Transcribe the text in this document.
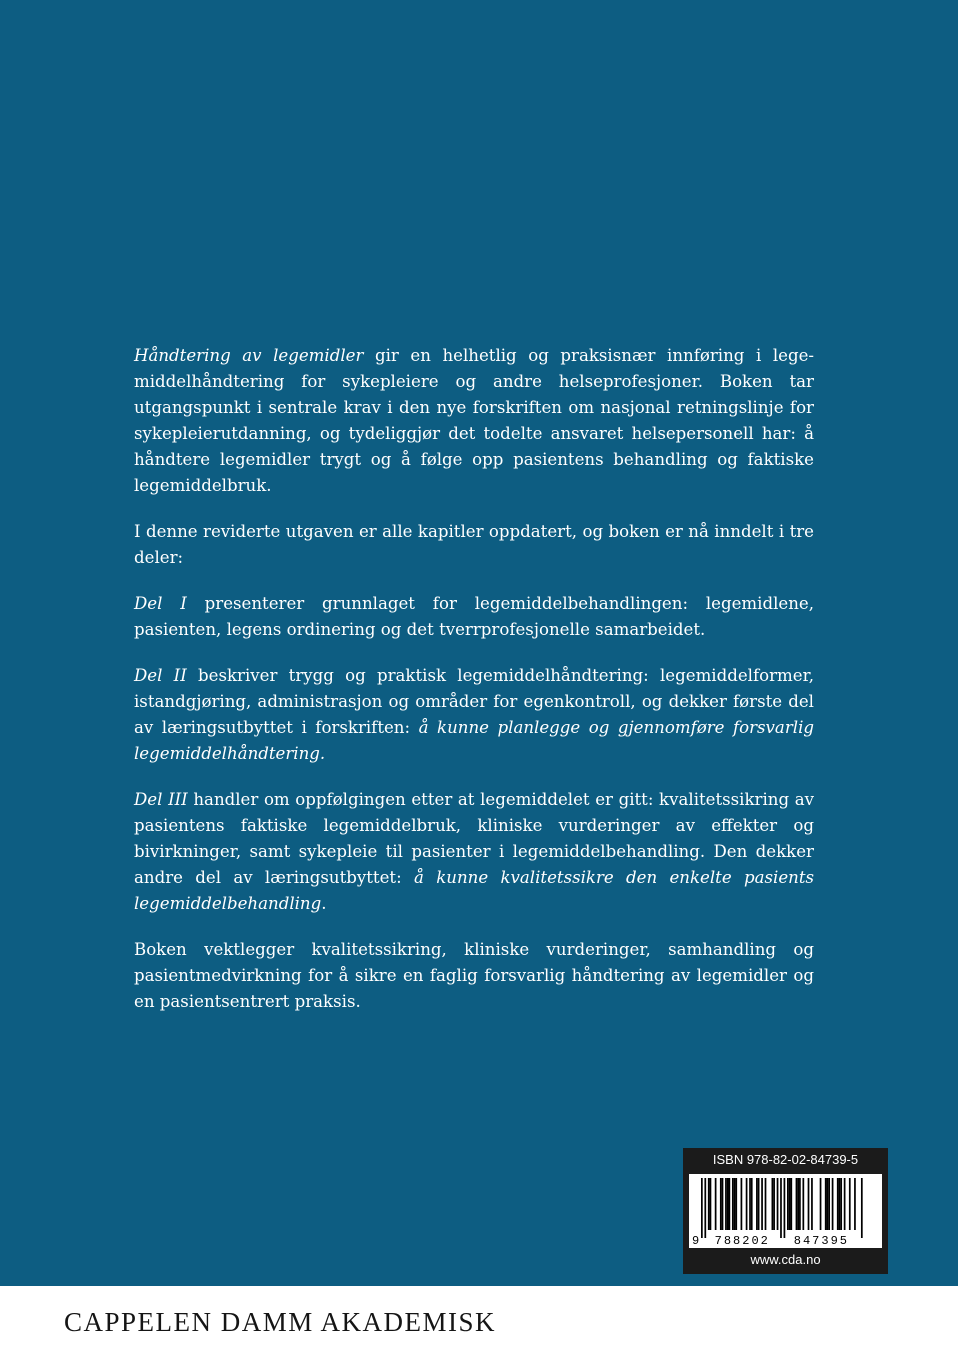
Håndtering av legemidler gir en helhetlig og praksisnær innføring i legemiddelhåndtering for sykepleiere og andre helseprofesjoner. Boken tar utgangspunkt i sentrale krav i den nye forskriften om nasjonal retningslinje for sykepleierutdanning, og tydeliggjør det todelte ansvaret helsepersonell har: å håndtere legemidler trygt og å følge opp pasientens behandling og faktiske legemiddelbruk.

I denne reviderte utgaven er alle kapitler oppdatert, og boken er nå inndelt i tre deler:

Del I presenterer grunnlaget for legemiddelbehandlingen: legemidlene, pasienten, legens ordinering og det tverrprofesjonelle samarbeidet.

Del II beskriver trygg og praktisk legemiddelhåndtering: legemiddelformer, istandgjøring, administrasjon og områder for egenkontroll, og dekker første del av læringsutbyttet i forskriften: å kunne planlegge og gjennomføre forsvarlig legemiddelhåndtering.

Del III handler om oppfølgingen etter at legemiddelet er gitt: kvalitetssikring av pasientens faktiske legemiddelbruk, kliniske vurderinger av effekter og bivirkninger, samt sykepleie til pasienter i legemiddelbehandling. Den dekker andre del av læringsutbyttet: å kunne kvalitetssikre den enkelte pasients legemiddelbehandling.

Boken vektlegger kvalitetssikring, kliniske vurderinger, samhandling og pasientmedvirkning for å sikre en faglig forsvarlig håndtering av legemidler og en pasientsentrert praksis.

ISBN 978-82-02-84739-5
9 788202 847395
www.cda.no
CAPPELEN DAMM AKADEMISK
